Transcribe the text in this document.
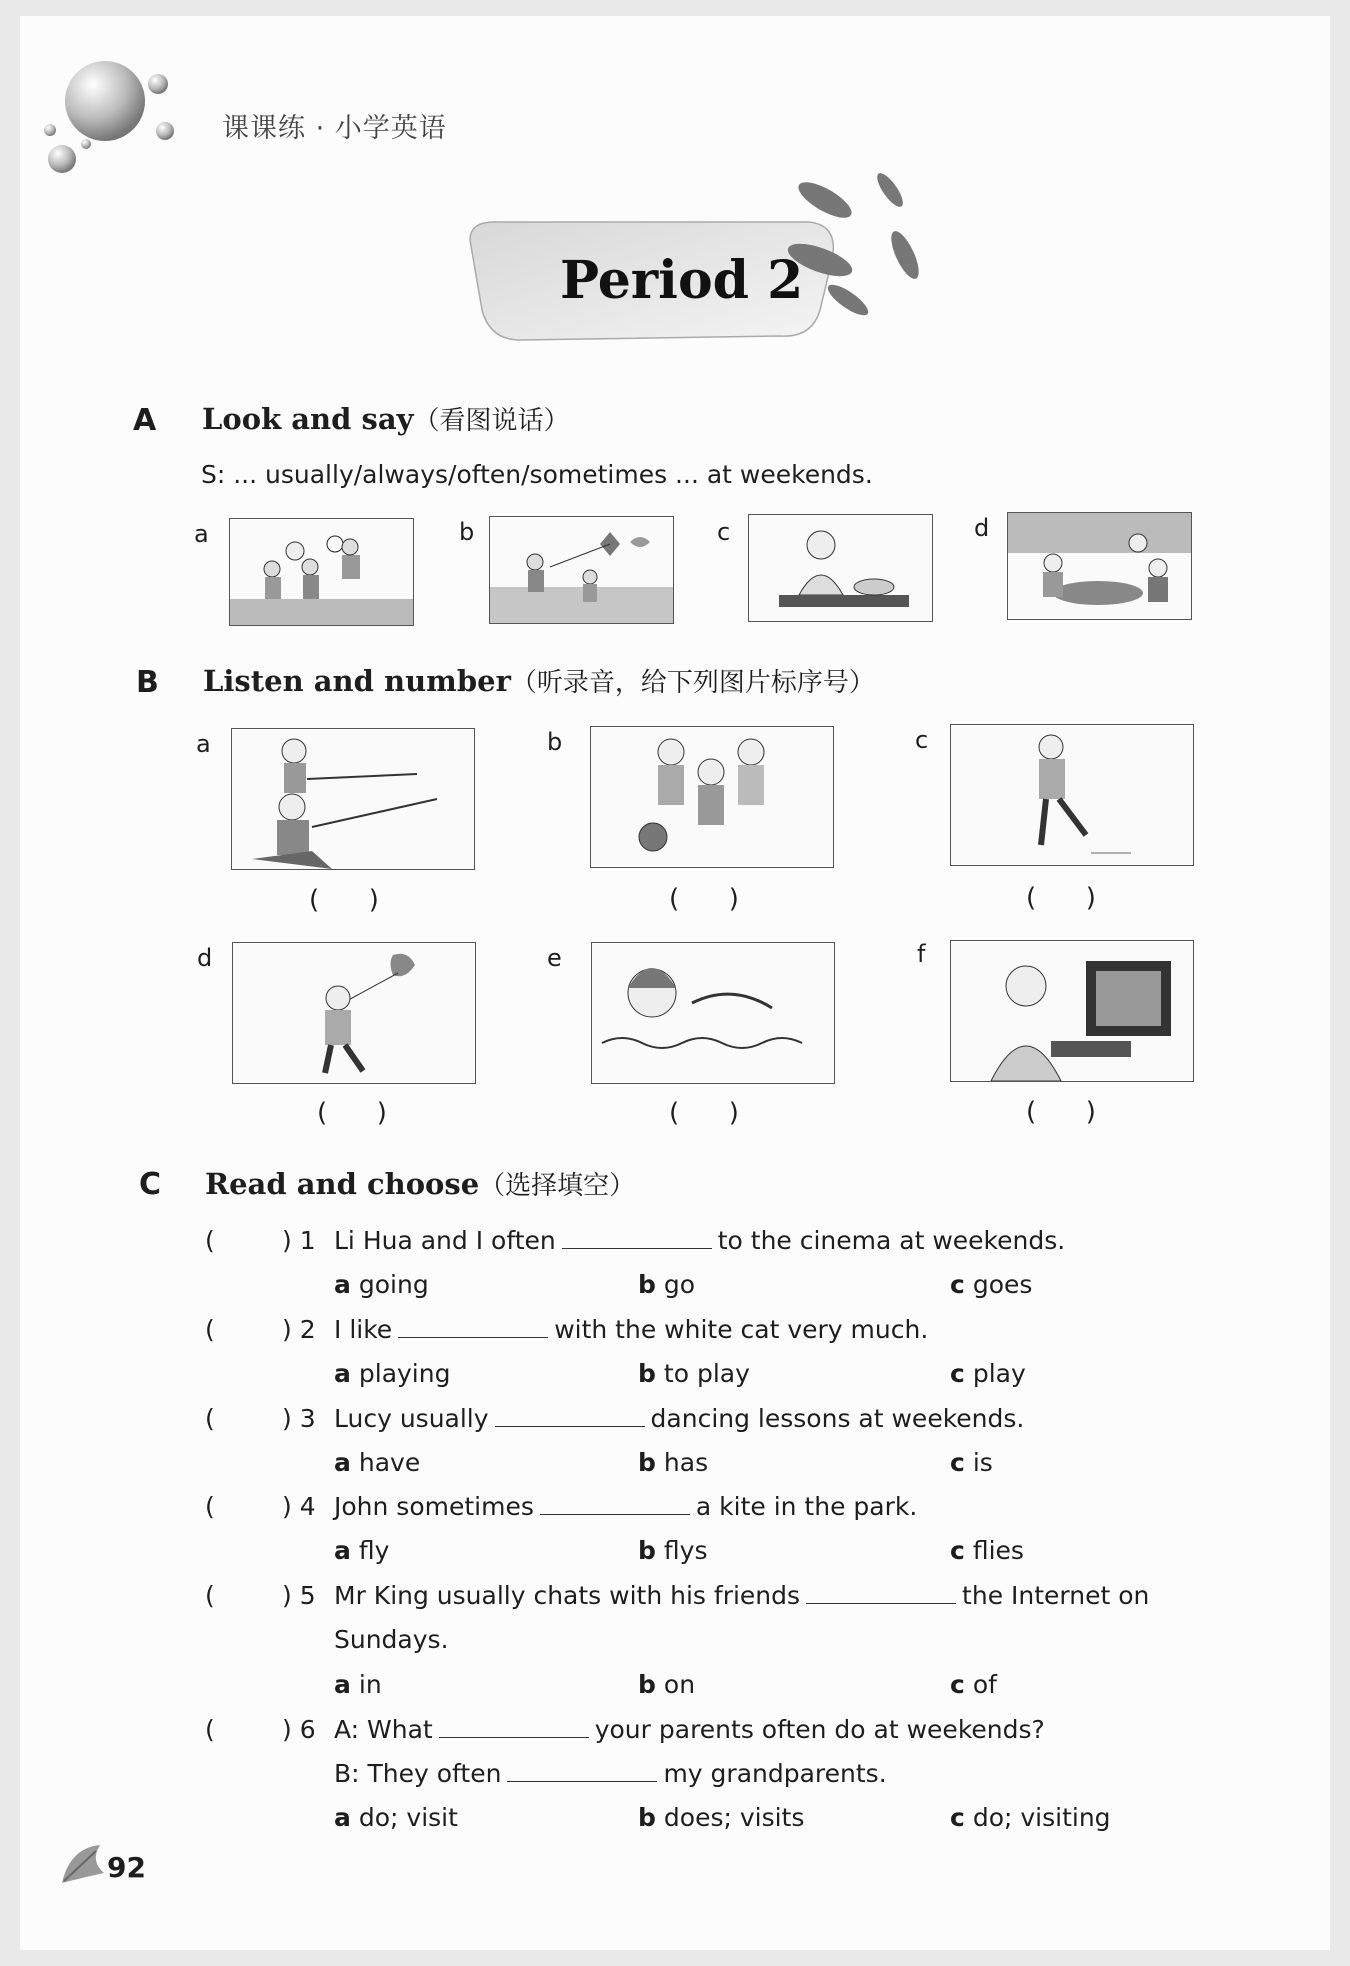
课课练 · 小学英语
Period 2
A Look and say（看图说话）
S: ... usually/always/often/sometimes ... at weekends.
a	b	c	d
B Listen and number（听录音，给下列图片标序号）
a
(      )
b
(      )
c
(      )
d
(      )
e
(      )
f
(      )
C Read and choose（选择填空）
(	) 1 Li Hua and I often	to the cinema at weekends.
a going	b go	c goes
(	) 2 I like	with the white cat very much.
a playing	b to play	c play
(	) 3 Lucy usually	dancing lessons at weekends.
a have	b has	c is
(	) 4 John sometimes	a kite in the park.
a fly	b flys	c flies
(	) 5 Mr King usually chats with his friends	the Internet on
Sundays.
a in	b on	c of
(	) 6 A: What	your parents often do at weekends?
B: They often	my grandparents.
a do; visit	b does; visits	c do; visiting
92
